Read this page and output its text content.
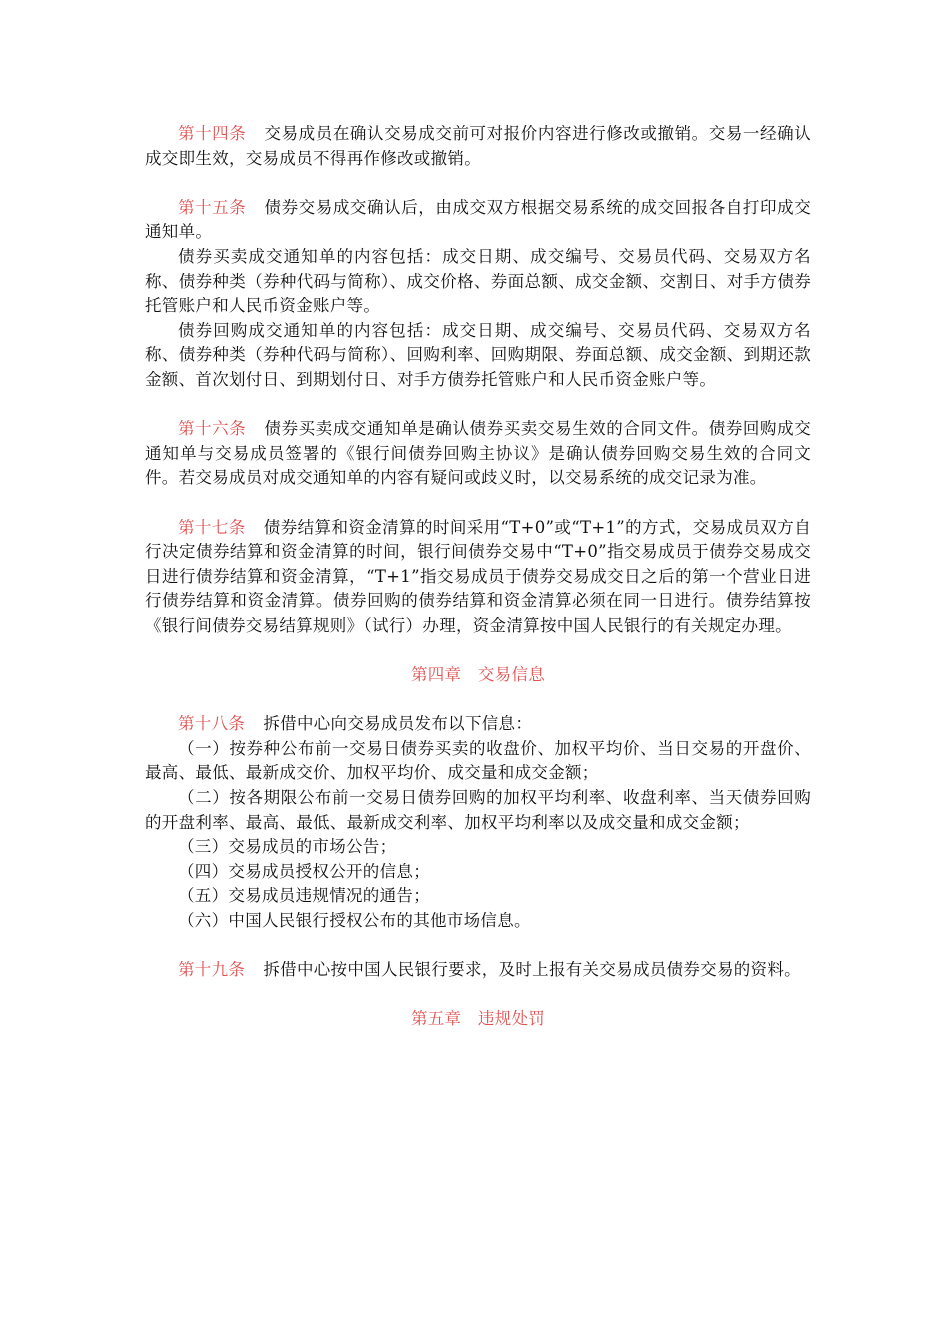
第十四条 交易成员在确认交易成交前可对报价内容进行修改或撤销。交易一经确认成交即生效，交易成员不得再作修改或撤销。
第十五条 债券交易成交确认后，由成交双方根据交易系统的成交回报各自打印成交通知单。
债券买卖成交通知单的内容包括：成交日期、成交编号、交易员代码、交易双方名称、债券种类（券种代码与简称）、成交价格、券面总额、成交金额、交割日、对手方债券托管账户和人民币资金账户等。
债券回购成交通知单的内容包括：成交日期、成交编号、交易员代码、交易双方名称、债券种类（券种代码与简称）、回购利率、回购期限、券面总额、成交金额、到期还款金额、首次划付日、到期划付日、对手方债券托管账户和人民币资金账户等。
第十六条 债券买卖成交通知单是确认债券买卖交易生效的合同文件。债券回购成交通知单与交易成员签署的《银行间债券回购主协议》是确认债券回购交易生效的合同文件。若交易成员对成交通知单的内容有疑问或歧义时，以交易系统的成交记录为准。
第十七条 债券结算和资金清算的时间采用“T+0”或“T+1”的方式，交易成员双方自行决定债券结算和资金清算的时间，银行间债券交易中“T+0”指交易成员于债券交易成交日进行债券结算和资金清算，“T+1”指交易成员于债券交易成交日之后的第一个营业日进行债券结算和资金清算。债券回购的债券结算和资金清算必须在同一日进行。债券结算按《银行间债券交易结算规则》（试行）办理，资金清算按中国人民银行的有关规定办理。
第四章 交易信息
第十八条 拆借中心向交易成员发布以下信息：
（一）按券种公布前一交易日债券买卖的收盘价、加权平均价、当日交易的开盘价、最高、最低、最新成交价、加权平均价、成交量和成交金额；
（二）按各期限公布前一交易日债券回购的加权平均利率、收盘利率、当天债券回购的开盘利率、最高、最低、最新成交利率、加权平均利率以及成交量和成交金额；
（三）交易成员的市场公告；
（四）交易成员授权公开的信息；
（五）交易成员违规情况的通告；
（六）中国人民银行授权公布的其他市场信息。
第十九条 拆借中心按中国人民银行要求，及时上报有关交易成员债券交易的资料。
第五章 违规处罚
